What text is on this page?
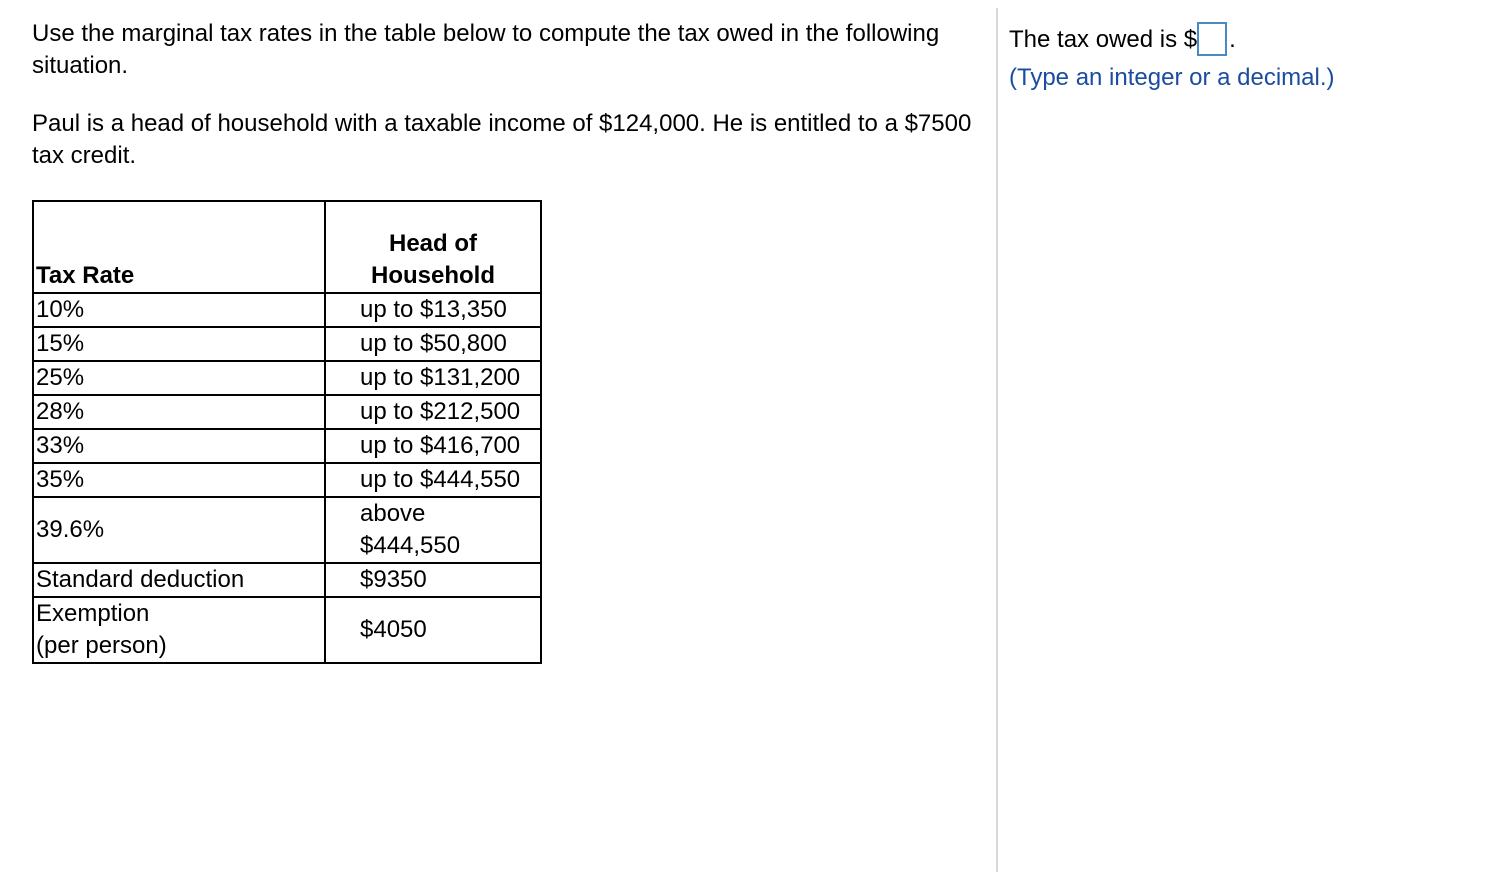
Use the marginal tax rates in the table below to compute the tax owed in the following situation.

Paul is a head of household with a taxable income of $124,000. He is entitled to a $7500 tax credit.

Tax Rate	Head of
Household
10%	up to $13,350
15%	up to $50,800
25%	up to $131,200
28%	up to $212,500
33%	up to $416,700
35%	up to $444,550
39.6%	above
$444,550
Standard deduction	$9350
Exemption
(per person)	$4050
The tax owed is $ .
(Type an integer or a decimal.)
